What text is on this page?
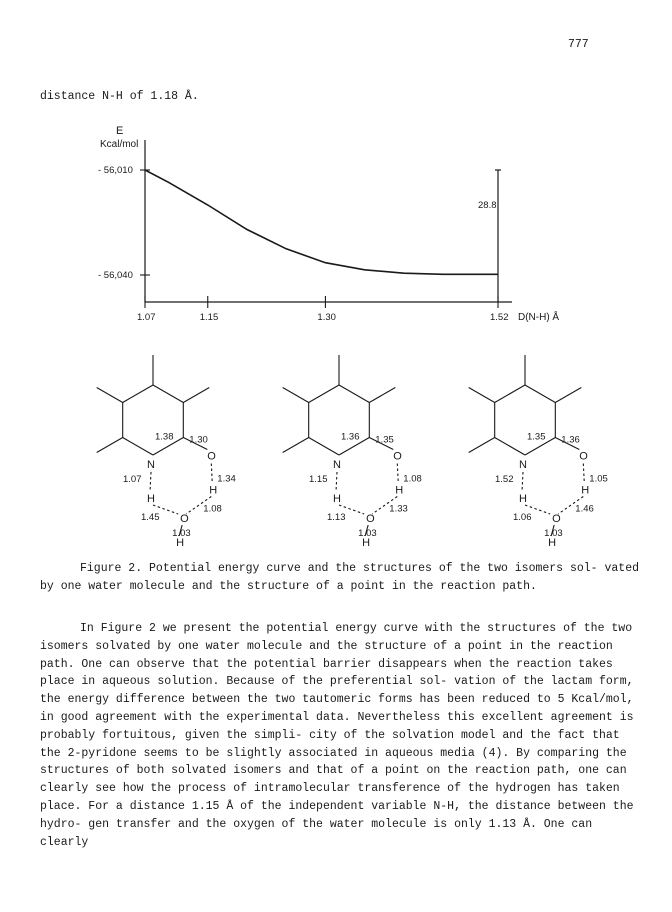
777
distance N-H of 1.18 Å.
E
Kcal/mol
1.07	1.15	1.30	1.52
- 56,010
- 56,040
28.8
D(N-H) Å
N
O
H
H
O
H
1.38 1.30
1.07	1.34
1.45
1.08
1.03
N
O
H
H
O
H
1.36 1.35
1.15	1.08
1.13
1.33
1.03
N
O
H
H
O
H
1.35 1.36
1.52	1.05
1.06
1.46
1.03
Figure 2. Potential energy curve and the structures of the two isomers sol- vated by one water molecule and the structure of a point in the reaction path.
In Figure 2 we present the potential energy curve with the structures of the two isomers solvated by one water molecule and the structure of a point in the reaction path. One can observe that the potential barrier disappears when the reaction takes place in aqueous solution. Because of the preferential sol- vation of the lactam form, the energy difference between the two tautomeric forms has been reduced to 5 Kcal/mol, in good agreement with the experimental data. Nevertheless this excellent agreement is probably fortuitous, given the simpli- city of the solvation model and the fact that the 2-pyridone seems to be slightly associated in aqueous media (4). By comparing the structures of both solvated isomers and that of a point on the reaction path, one can clearly see how the process of intramolecular transference of the hydrogen has taken place. For a distance 1.15 Å of the independent variable N-H, the distance between the hydro- gen transfer and the oxygen of the water molecule is only 1.13 Å. One can clearly
